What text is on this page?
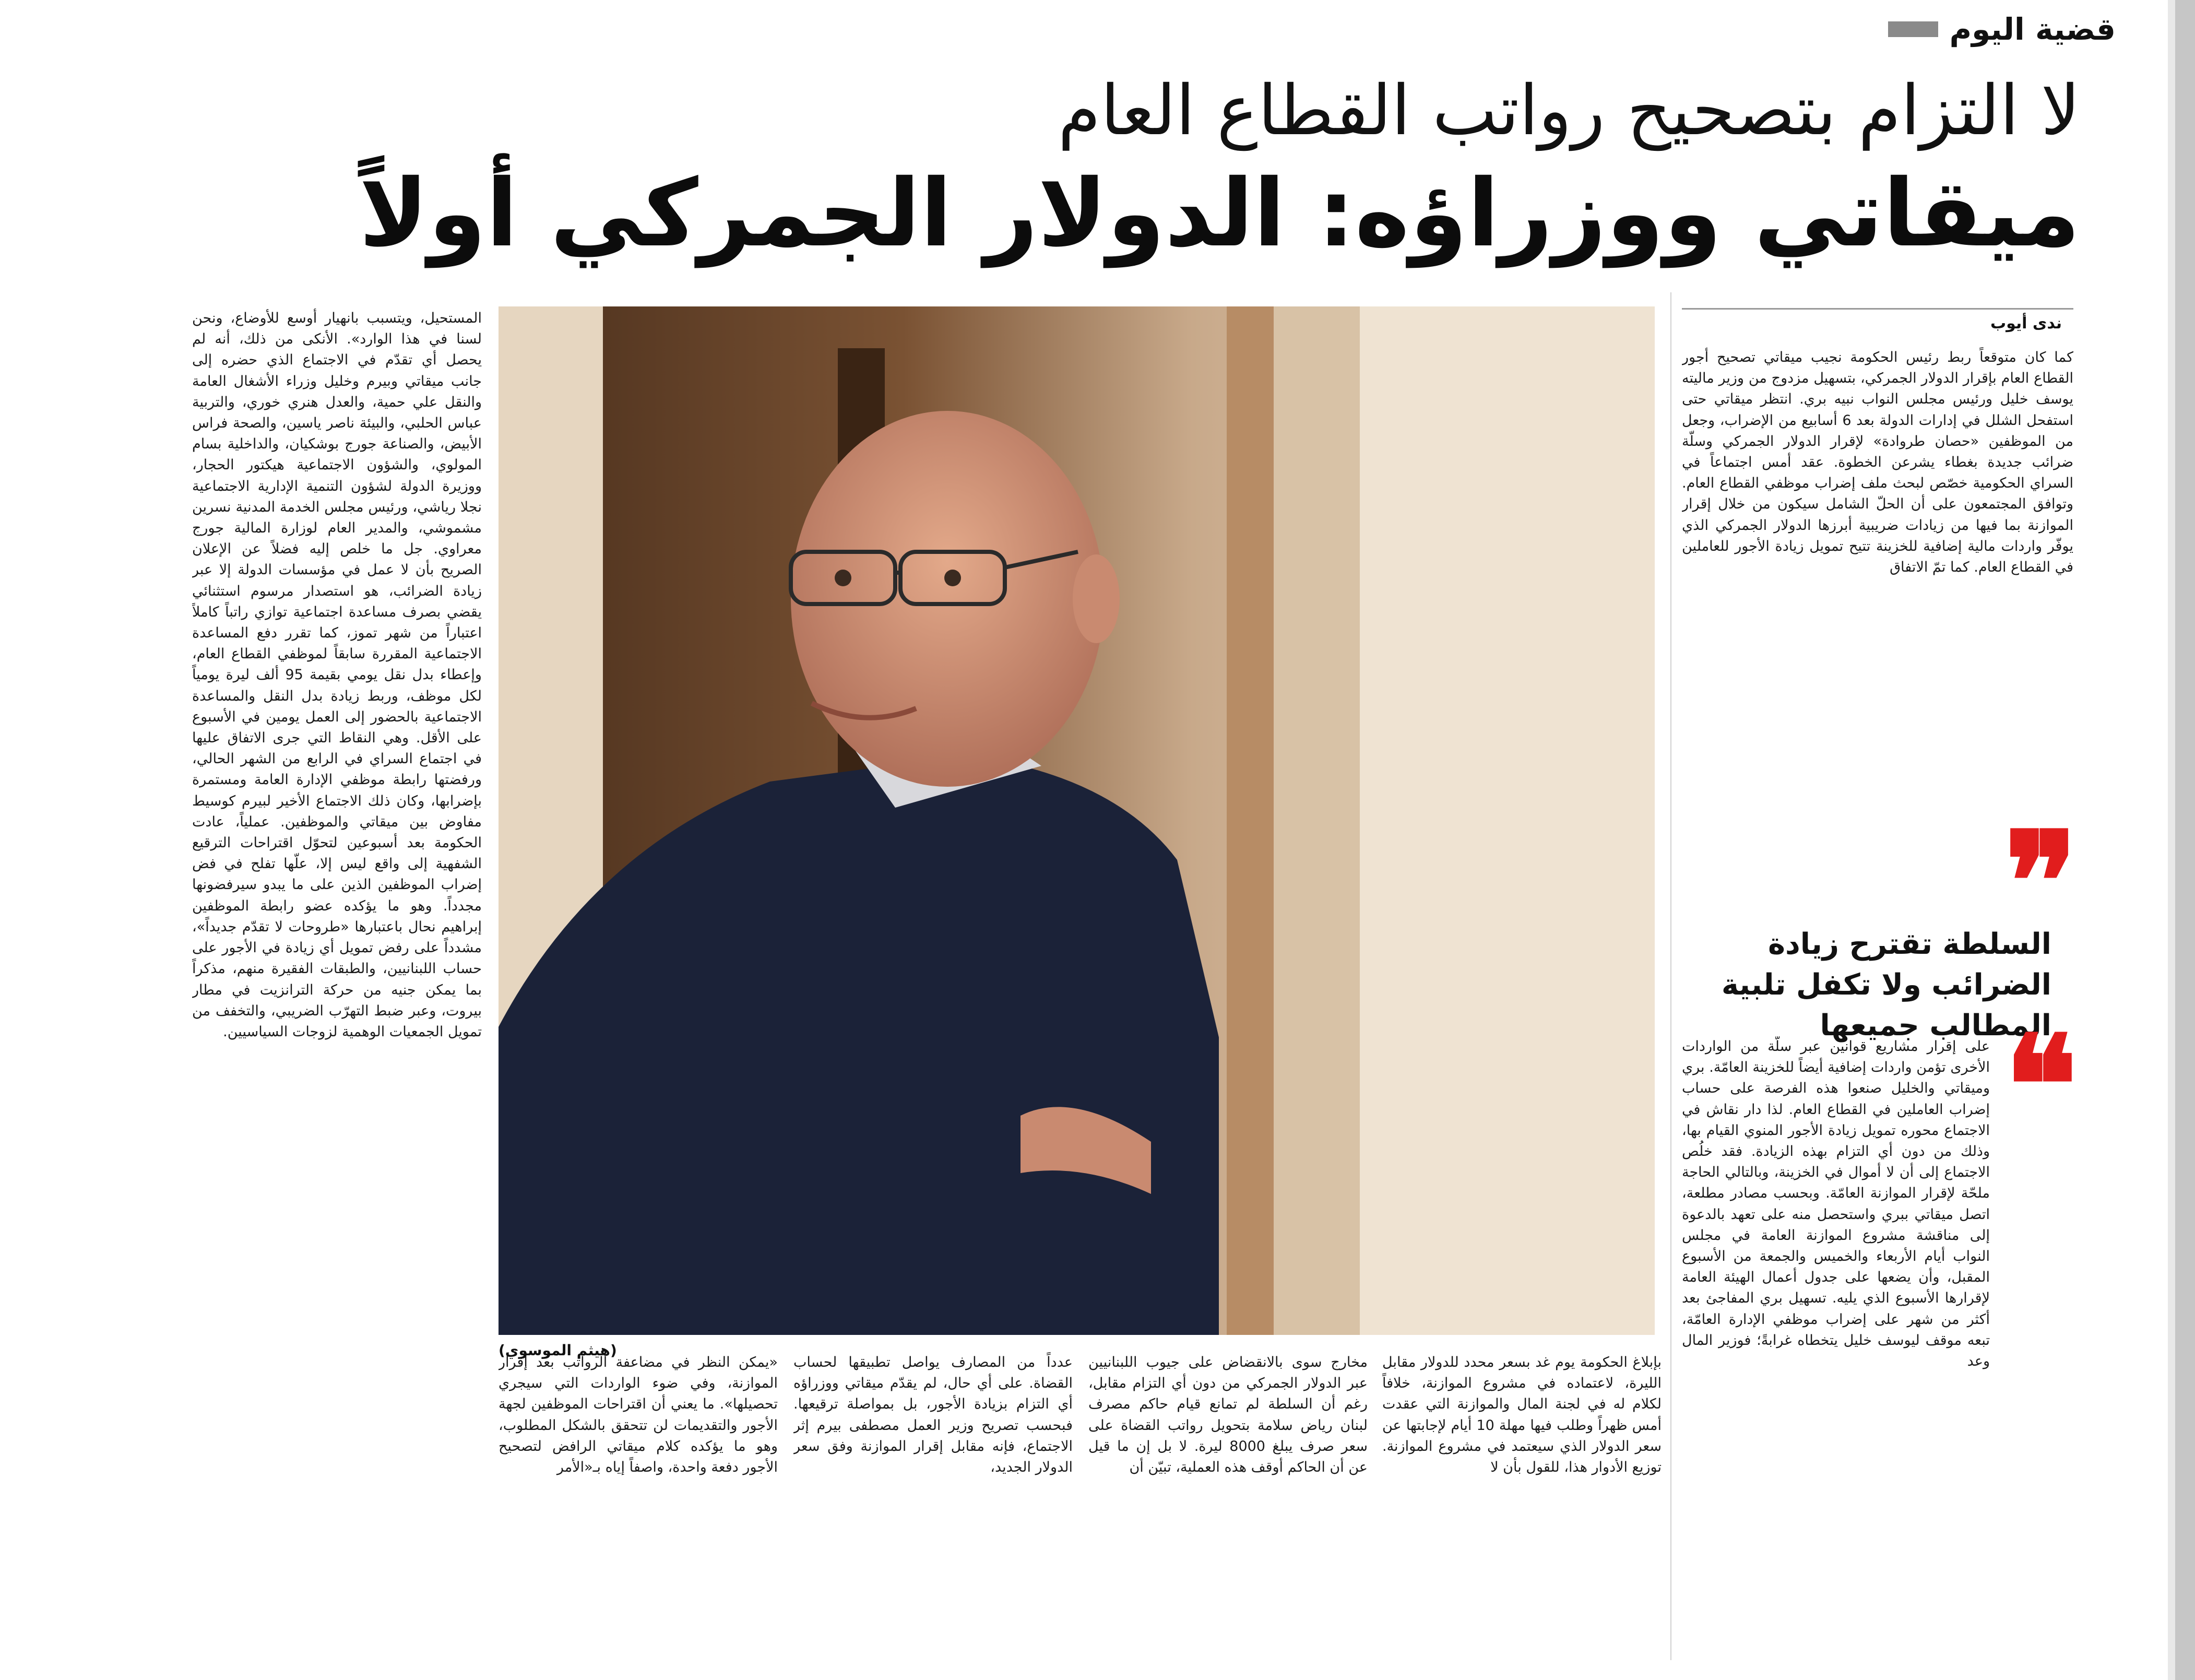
قضية اليوم
لا التزام بتصحيح رواتب القطاع العام
ميقاتي ووزراؤه: الدولار الجمركي أولاً
ندى أيوب

كما كان متوقعاً ربط رئيس الحكومة نجيب ميقاتي تصحيح أجور القطاع العام بإقرار الدولار الجمركي، بتسهيل مزدوج من وزير ماليته يوسف خليل ورئيس مجلس النواب نبيه بري. انتظر ميقاتي حتى استفحل الشلل في إدارات الدولة بعد 6 أسابيع من الإضراب، وجعل من الموظفين «حصان طروادة» لإقرار الدولار الجمركي وسلّة ضرائب جديدة بغطاء يشرعن الخطوة. عقد أمس اجتماعاً في السراي الحكومية خصّص لبحث ملف إضراب موظفي القطاع العام. وتوافق المجتمعون على أن الحلّ الشامل سيكون من خلال إقرار الموازنة بما فيها من زيادات ضريبية أبرزها الدولار الجمركي الذي يوفّر واردات مالية إضافية للخزينة تتيح تمويل زيادة الأجور للعاملين في القطاع العام. كما تمّ الاتفاق

❞
السلطة تقترح زيادة الضرائب ولا تكفل تلبية المطالب جميعها
❝

على إقرار مشاريع قوانين عبر سلّة من الواردات الأخرى تؤمن واردات إضافية أيضاً للخزينة العامّة. بري وميقاتي والخليل صنعوا هذه الفرصة على حساب إضراب العاملين في القطاع العام. لذا دار نقاش في الاجتماع محوره تمويل زيادة الأجور المنوي القيام بها، وذلك من دون أي التزام بهذه الزيادة. فقد خلُص الاجتماع إلى أن لا أموال في الخزينة، وبالتالي الحاجة ملحّة لإقرار الموازنة العامّة. وبحسب مصادر مطلعة، اتصل ميقاتي ببري واستحصل منه على تعهد بالدعوة إلى مناقشة مشروع الموازنة العامة في مجلس النواب أيام الأربعاء والخميس والجمعة من الأسبوع المقبل، وأن يضعها على جدول أعمال الهيئة العامة لإقرارها الأسبوع الذي يليه. تسهيل بري المفاجئ بعد أكثر من شهر على إضراب موظفي الإدارة العامّة، تبعه موقف ليوسف خليل يتخطاه غرابةً؛ فوزير المال وعد

(هيثم الموسوي)

بإبلاغ الحكومة يوم غد بسعر محدد للدولار مقابل الليرة، لاعتماده في مشروع الموازنة، خلافاً لكلام له في لجنة المال والموازنة التي عقدت أمس ظهراً وطلب فيها مهلة 10 أيام لإجابتها عن سعر الدولار الذي سيعتمد في مشروع الموازنة. توزيع الأدوار هذا، للقول بأن لا

مخارج سوى بالانقضاض على جيوب اللبنانيين عبر الدولار الجمركي من دون أي التزام مقابل، رغم أن السلطة لم تمانع قيام حاكم مصرف لبنان رياض سلامة بتحويل رواتب القضاة على سعر صرف يبلغ 8000 ليرة. لا بل إن ما قيل عن أن الحاكم أوقف هذه العملية، تبيّن أن

عدداً من المصارف يواصل تطبيقها لحساب القضاة. على أي حال، لم يقدّم ميقاتي ووزراؤه أي التزام بزيادة الأجور، بل بمواصلة ترقيعها. فبحسب تصريح وزير العمل مصطفى بيرم إثر الاجتماع، فإنه مقابل إقرار الموازنة وفق سعر الدولار الجديد،

«يمكن النظر في مضاعفة الرواتب بعد إقرار الموازنة، وفي ضوء الواردات التي سيجري تحصيلها». ما يعني أن اقتراحات الموظفين لجهة الأجور والتقديمات لن تتحقق بالشكل المطلوب، وهو ما يؤكده كلام ميقاتي الرافض لتصحيح الأجور دفعة واحدة، واصفاً إياه بـ«الأمر

المستحيل، ويتسبب بانهيار أوسع للأوضاع، ونحن لسنا في هذا الوارد». الأنكى من ذلك، أنه لم يحصل أي تقدّم في الاجتماع الذي حضره إلى جانب ميقاتي وبيرم وخليل وزراء الأشغال العامة والنقل علي حمية، والعدل هنري خوري، والتربية عباس الحلبي، والبيئة ناصر ياسين، والصحة فراس الأبيض، والصناعة جورج بوشكيان، والداخلية بسام المولوي، والشؤون الاجتماعية هيكتور الحجار، ووزيرة الدولة لشؤون التنمية الإدارية الاجتماعية نجلا رياشي، ورئيس مجلس الخدمة المدنية نسرين مشموشي، والمدير العام لوزارة المالية جورج معراوي. جل ما خلص إليه فضلاً عن الإعلان الصريح بأن لا عمل في مؤسسات الدولة إلا عبر زيادة الضرائب، هو استصدار مرسوم استثنائي يقضي بصرف مساعدة اجتماعية توازي راتباً كاملاً اعتباراً من شهر تموز، كما تقرر دفع المساعدة الاجتماعية المقررة سابقاً لموظفي القطاع العام، وإعطاء بدل نقل يومي بقيمة 95 ألف ليرة يومياً لكل موظف، وربط زيادة بدل النقل والمساعدة الاجتماعية بالحضور إلى العمل يومين في الأسبوع على الأقل. وهي النقاط التي جرى الاتفاق عليها في اجتماع السراي في الرابع من الشهر الحالي، ورفضتها رابطة موظفي الإدارة العامة ومستمرة بإضرابها، وكان ذلك الاجتماع الأخير لبيرم كوسيط مفاوض بين ميقاتي والموظفين. عملياً، عادت الحكومة بعد أسبوعين لتحوّل اقتراحات الترقيع الشفهية إلى واقع ليس إلا، علّها تفلح في فض إضراب الموظفين الذين على ما يبدو سيرفضونها مجدداً. وهو ما يؤكده عضو رابطة الموظفين إبراهيم نحال باعتبارها «طروحات لا تقدّم جديداً»، مشدداً على رفض تمويل أي زيادة في الأجور على حساب اللبنانيين، والطبقات الفقيرة منهم، مذكراً بما يمكن جنيه من حركة الترانزيت في مطار بيروت، وعبر ضبط التهرّب الضريبي، والتخفف من تمويل الجمعيات الوهمية لزوجات السياسيين.
